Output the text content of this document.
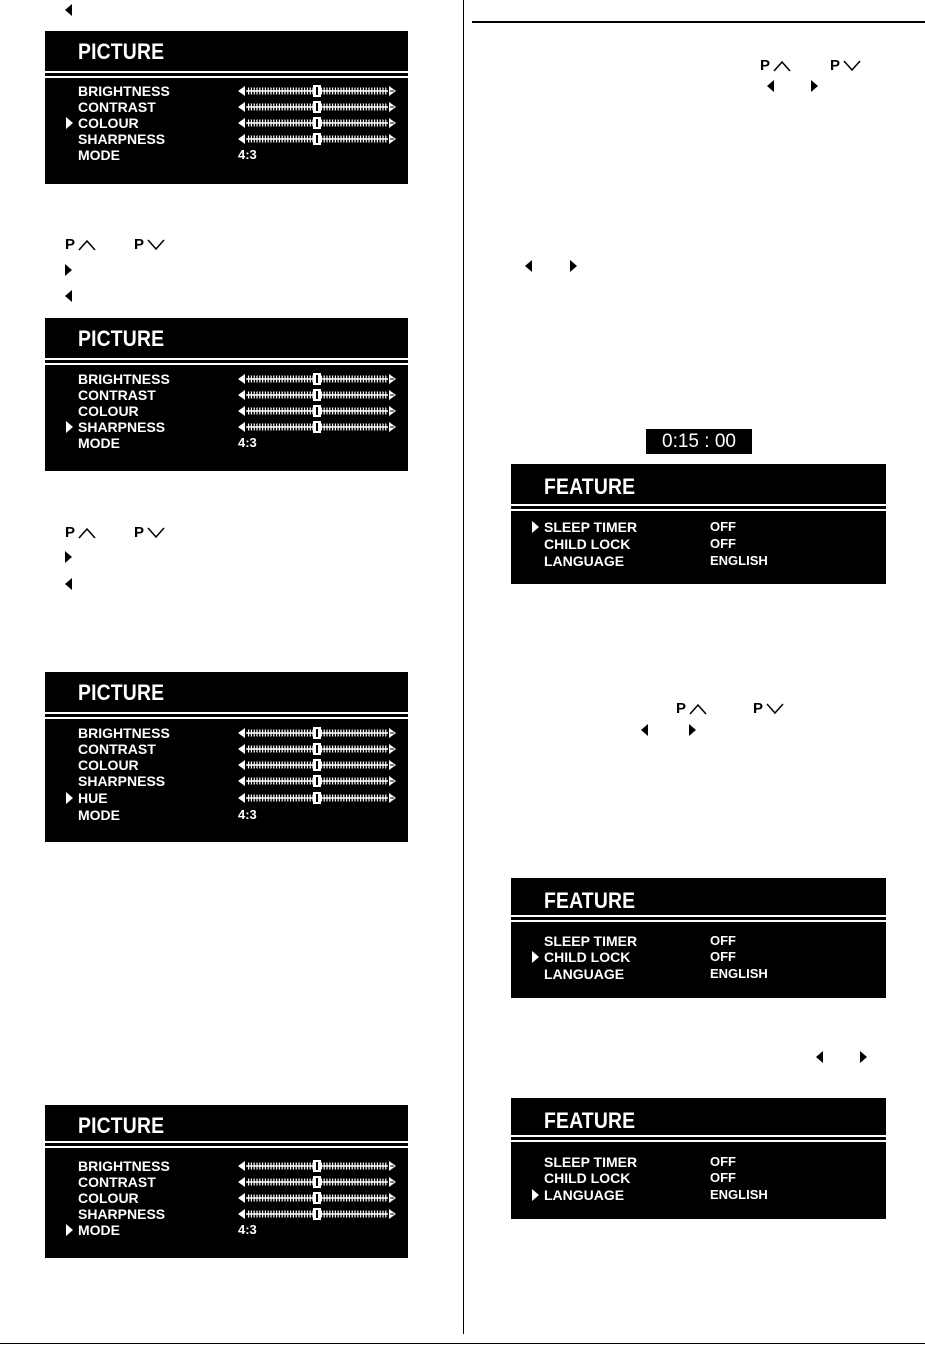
P	P
P	P
P	P
0:15 : 00
P	P
PICTURE
BRIGHTNESS
CONTRAST
COLOUR
SHARPNESS
MODE	4:3
PICTURE
BRIGHTNESS
CONTRAST
COLOUR
SHARPNESS
MODE	4:3
PICTURE
BRIGHTNESS
CONTRAST
COLOUR
SHARPNESS
HUE
MODE	4:3
PICTURE
BRIGHTNESS
CONTRAST
COLOUR
SHARPNESS
MODE	4:3
FEATURE
SLEEP TIMER	OFF
CHILD LOCK	OFF
LANGUAGE	ENGLISH
FEATURE
SLEEP TIMER	OFF
CHILD LOCK	OFF
LANGUAGE	ENGLISH
FEATURE
SLEEP TIMER	OFF
CHILD LOCK	OFF
LANGUAGE	ENGLISH
